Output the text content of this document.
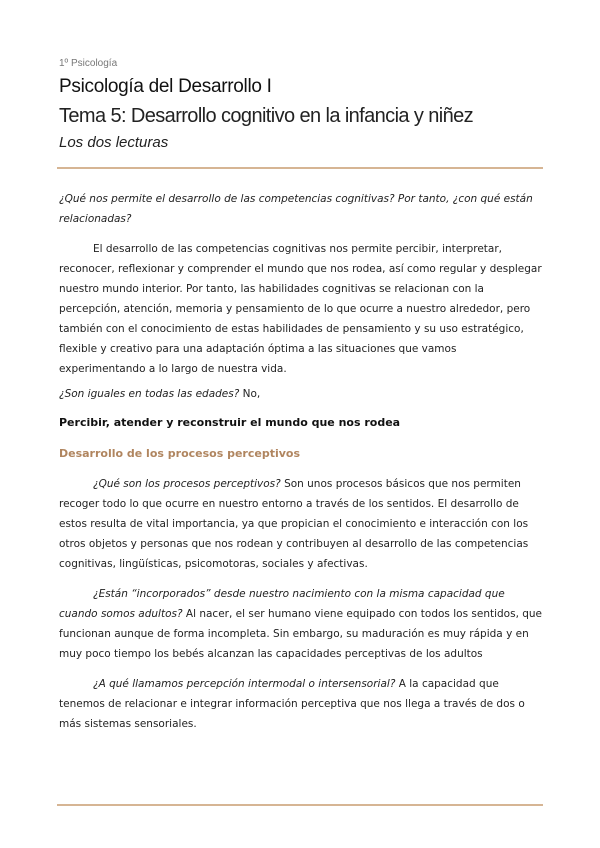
1º Psicología
Psicología del Desarrollo I
Tema 5: Desarrollo cognitivo en la infancia y niñez
Los dos lecturas

¿Qué nos permite el desarrollo de las competencias cognitivas? Por tanto, ¿con qué están relacionadas?

El desarrollo de las competencias cognitivas nos permite percibir, interpretar, reconocer, reflexionar y comprender el mundo que nos rodea, así como regular y desplegar nuestro mundo interior. Por tanto, las habilidades cognitivas se relacionan con la percepción, atención, memoria y pensamiento de lo que ocurre a nuestro alrededor, pero también con el conocimiento de estas habilidades de pensamiento y su uso estratégico, flexible y creativo para una adaptación óptima a las situaciones que vamos experimentando a lo largo de nuestra vida.

¿Son iguales en todas las edades? No,

Percibir, atender y reconstruir el mundo que nos rodea

Desarrollo de los procesos perceptivos

¿Qué son los procesos perceptivos? Son unos procesos básicos que nos permiten recoger todo lo que ocurre en nuestro entorno a través de los sentidos. El desarrollo de estos resulta de vital importancia, ya que propician el conocimiento e interacción con los otros objetos y personas que nos rodean y contribuyen al desarrollo de las competencias cognitivas, lingüísticas, psicomotoras, sociales y afectivas.

¿Están “incorporados” desde nuestro nacimiento con la misma capacidad que cuando somos adultos? Al nacer, el ser humano viene equipado con todos los sentidos, que funcionan aunque de forma incompleta. Sin embargo, su maduración es muy rápida y en muy poco tiempo los bebés alcanzan las capacidades perceptivas de los adultos

¿A qué llamamos percepción intermodal o intersensorial? A la capacidad que tenemos de relacionar e integrar información perceptiva que nos llega a través de dos o más sistemas sensoriales.
